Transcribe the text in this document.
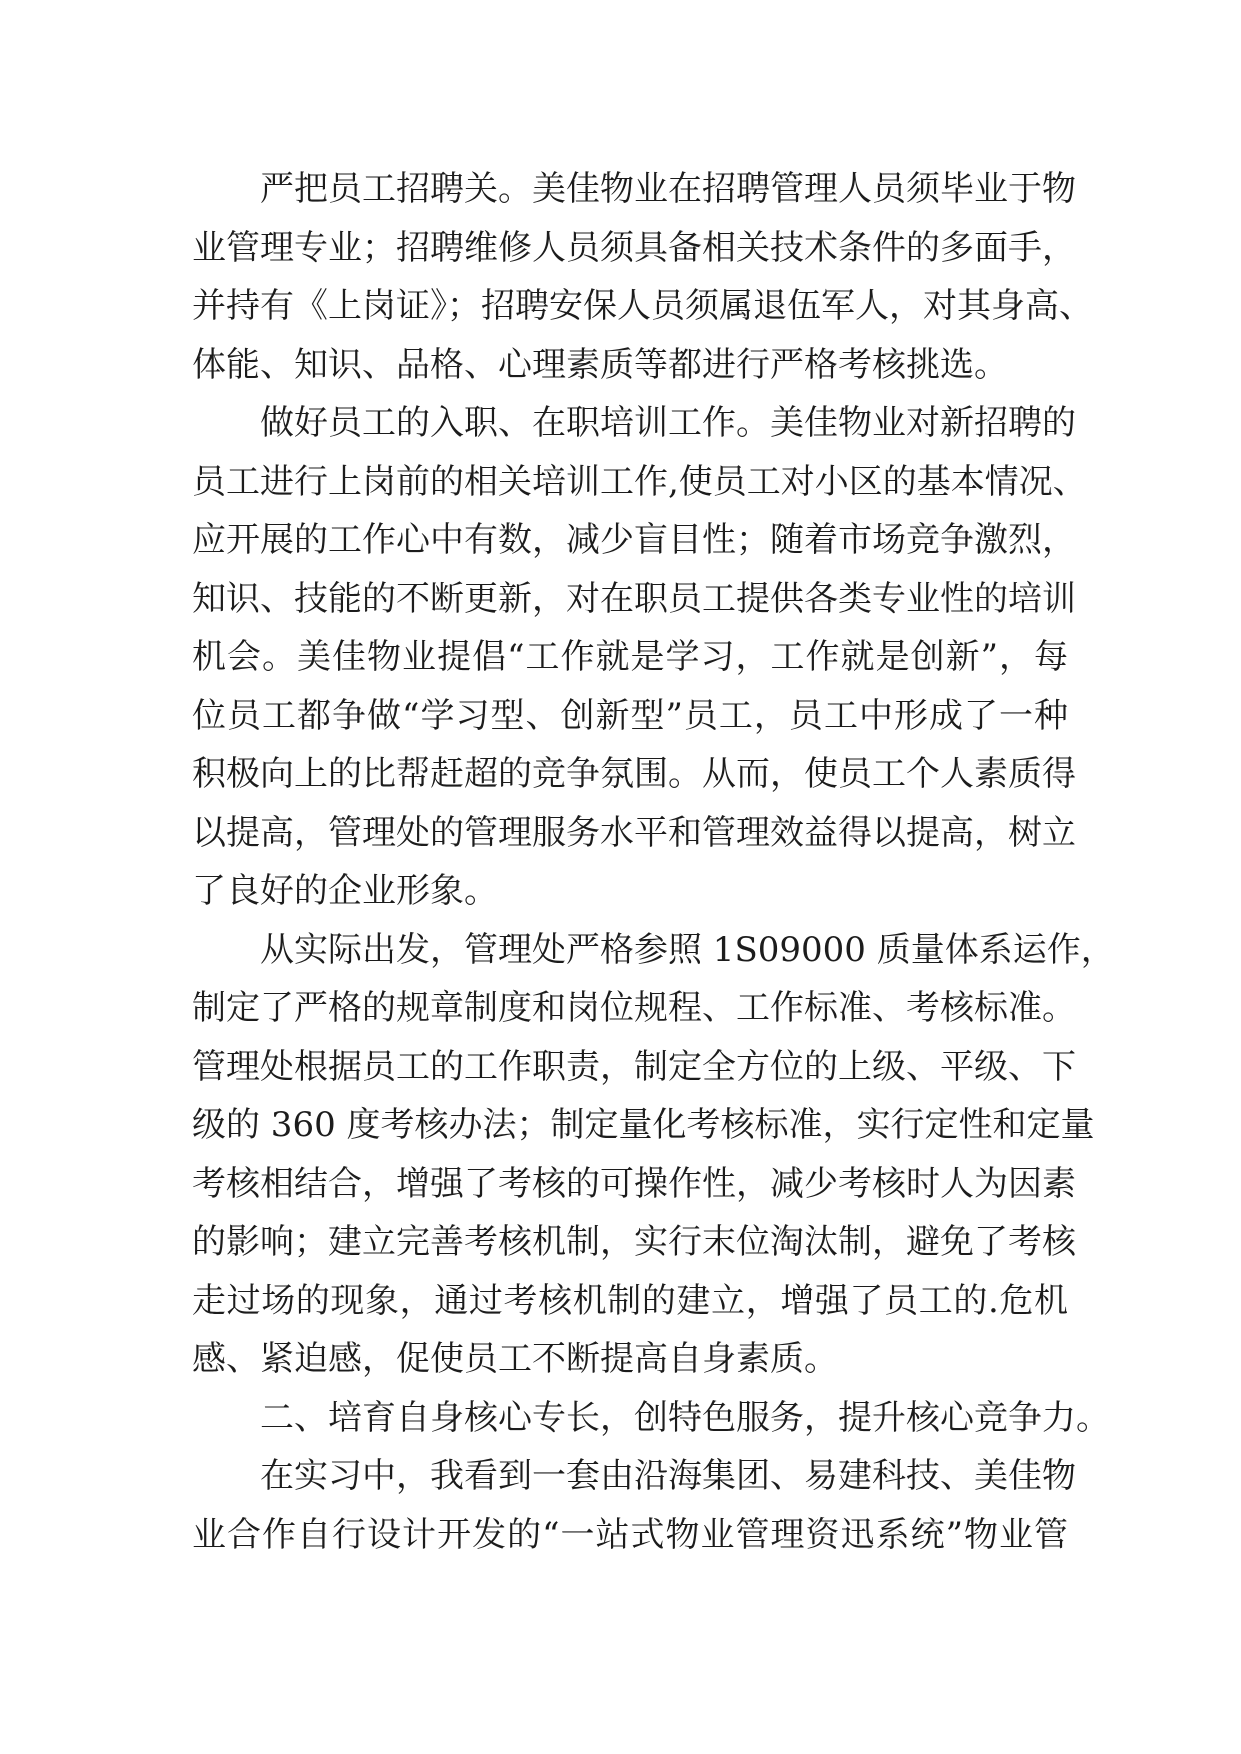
严把员工招聘关。美佳物业在招聘管理人员须毕业于物
业管理专业；招聘维修人员须具备相关技术条件的多面手，
并持有《上岗证》；招聘安保人员须属退伍军人，对其身高、
体能、知识、品格、心理素质等都进行严格考核挑选。
做好员工的入职、在职培训工作。美佳物业对新招聘的
员工进行上岗前的相关培训工作,使员工对小区的基本情况、
应开展的工作心中有数，减少盲目性；随着市场竞争激烈，
知识、技能的不断更新，对在职员工提供各类专业性的培训
机会。美佳物业提倡“工作就是学习，工作就是创新”，每
位员工都争做“学习型、创新型”员工，员工中形成了一种
积极向上的比帮赶超的竞争氛围。从而，使员工个人素质得
以提高，管理处的管理服务水平和管理效益得以提高，树立
了良好的企业形象。
从实际出发，管理处严格参照 1S09000 质量体系运作，
制定了严格的规章制度和岗位规程、工作标准、考核标准。
管理处根据员工的工作职责，制定全方位的上级、平级、下
级的 360 度考核办法；制定量化考核标准，实行定性和定量
考核相结合，增强了考核的可操作性，减少考核时人为因素
的影响；建立完善考核机制，实行末位淘汰制，避免了考核
走过场的现象，通过考核机制的建立，增强了员工的.危机
感、紧迫感，促使员工不断提高自身素质。
二、培育自身核心专长，创特色服务，提升核心竞争力。
在实习中，我看到一套由沿海集团、易建科技、美佳物
业合作自行设计开发的“一站式物业管理资迅系统”物业管
